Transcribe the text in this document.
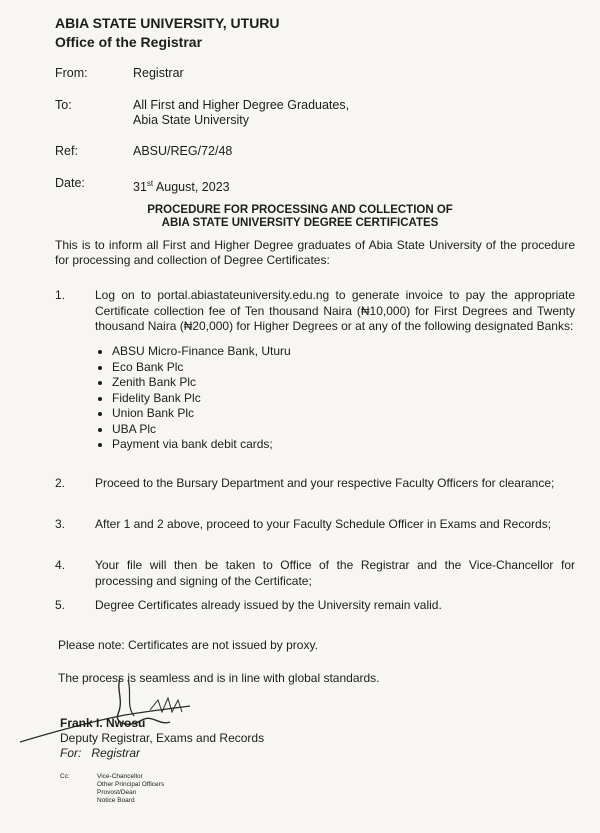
ABIA STATE UNIVERSITY, UTURU
Office of the Registrar
From:	Registrar
To:	All First and Higher Degree Graduates,
Abia State University
Ref:	ABSU/REG/72/48
Date:	31st August, 2023
PROCEDURE FOR PROCESSING AND COLLECTION OF
ABIA STATE UNIVERSITY DEGREE CERTIFICATES
This is to inform all First and Higher Degree graduates of Abia State University of the procedure for processing and collection of Degree Certificates:
1. Log on to portal.abiastateuniversity.edu.ng to generate invoice to pay the appropriate Certificate collection fee of Ten thousand Naira (₦10,000) for First Degrees and Twenty thousand Naira (₦20,000) for Higher Degrees or at any of the following designated Banks:
ABSU Micro-Finance Bank, Uturu
Eco Bank Plc
Zenith Bank Plc
Fidelity Bank Plc
Union Bank Plc
UBA Plc
Payment via bank debit cards;
2. Proceed to the Bursary Department and your respective Faculty Officers for clearance;
3. After 1 and 2 above, proceed to your Faculty Schedule Officer in Exams and Records;
4. Your file will then be taken to Office of the Registrar and the Vice-Chancellor for processing and signing of the Certificate;
5. Degree Certificates already issued by the University remain valid.
Please note: Certificates are not issued by proxy.
The process is seamless and is in line with global standards.
Frank I. Nwosu
Deputy Registrar, Exams and Records
For: Registrar
Cc:	Vice-Chancellor
Other Principal Officers
Provost/Dean
Notice Board
